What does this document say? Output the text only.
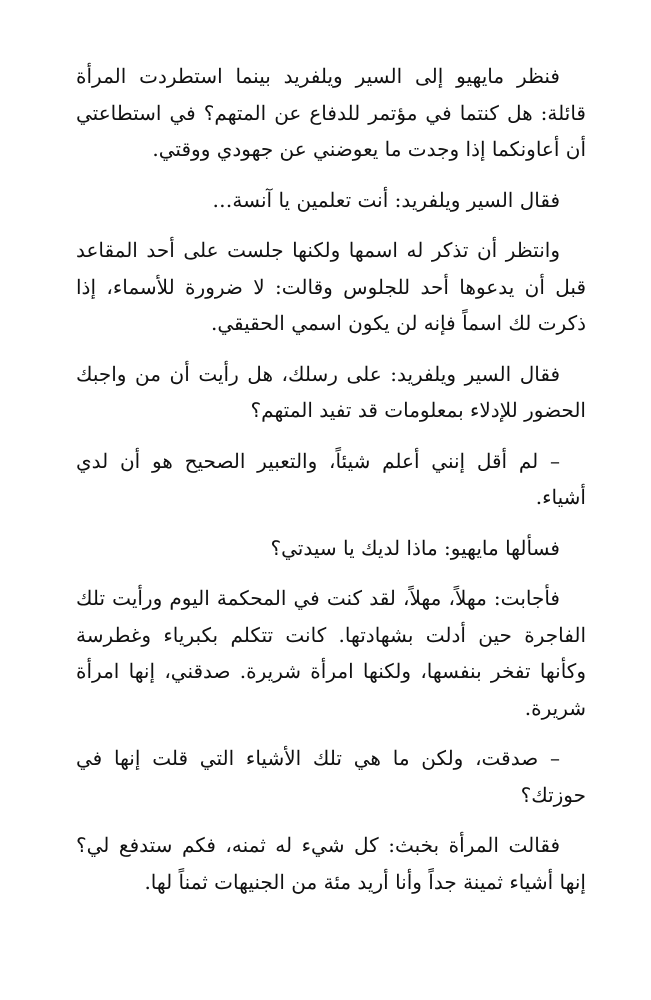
فنظر مايهيو إلى السير ويلفريد بينما استطردت المرأة قائلة: هل كنتما في مؤتمر للدفاع عن المتهم؟ في استطاعتي أن أعاونكما إذا وجدت ما يعوضني عن جهودي ووقتي.

فقال السير ويلفريد: أنت تعلمين يا آنسة…

وانتظر أن تذكر له اسمها ولكنها جلست على أحد المقاعد قبل أن يدعوها أحد للجلوس وقالت: لا ضرورة للأسماء، إذا ذكرت لك اسماً فإنه لن يكون اسمي الحقيقي.

فقال السير ويلفريد: على رسلك، هل رأيت أن من واجبك الحضور للإدلاء بمعلومات قد تفيد المتهم؟

– لم أقل إنني أعلم شيئاً، والتعبير الصحيح هو أن لدي أشياء.

فسألها مايهيو: ماذا لديك يا سيدتي؟

فأجابت: مهلاً، مهلاً، لقد كنت في المحكمة اليوم ورأيت تلك الفاجرة حين أدلت بشهادتها. كانت تتكلم بكبرياء وغطرسة وكأنها تفخر بنفسها، ولكنها امرأة شريرة. صدقني، إنها امرأة شريرة.

– صدقت، ولكن ما هي تلك الأشياء التي قلت إنها في حوزتك؟

فقالت المرأة بخبث: كل شيء له ثمنه، فكم ستدفع لي؟ إنها أشياء ثمينة جداً وأنا أريد مئة من الجنيهات ثمناً لها.
